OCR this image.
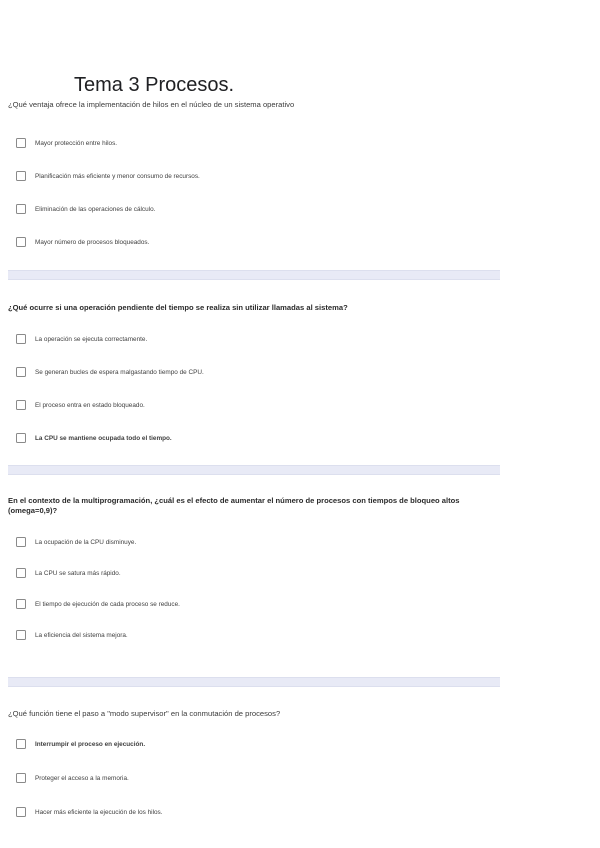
Tema 3 Procesos.

¿Qué ventaja ofrece la implementación de hilos en el núcleo de un sistema operativo

Mayor protección entre hilos.
Planificación más eficiente y menor consumo de recursos.
Eliminación de las operaciones de cálculo.
Mayor número de procesos bloqueados.

¿Qué ocurre si una operación pendiente del tiempo se realiza sin utilizar llamadas al sistema?

La operación se ejecuta correctamente.
Se generan bucles de espera malgastando tiempo de CPU.
El proceso entra en estado bloqueado.
La CPU se mantiene ocupada todo el tiempo.

En el contexto de la multiprogramación, ¿cuál es el efecto de aumentar el número de procesos con tiempos de bloqueo altos (omega=0,9)?

La ocupación de la CPU disminuye.
La CPU se satura más rápido.
El tiempo de ejecución de cada proceso se reduce.
La eficiencia del sistema mejora.

¿Qué función tiene el paso a "modo supervisor" en la conmutación de procesos?

Interrumpir el proceso en ejecución.
Proteger el acceso a la memoria.
Hacer más eficiente la ejecución de los hilos.
